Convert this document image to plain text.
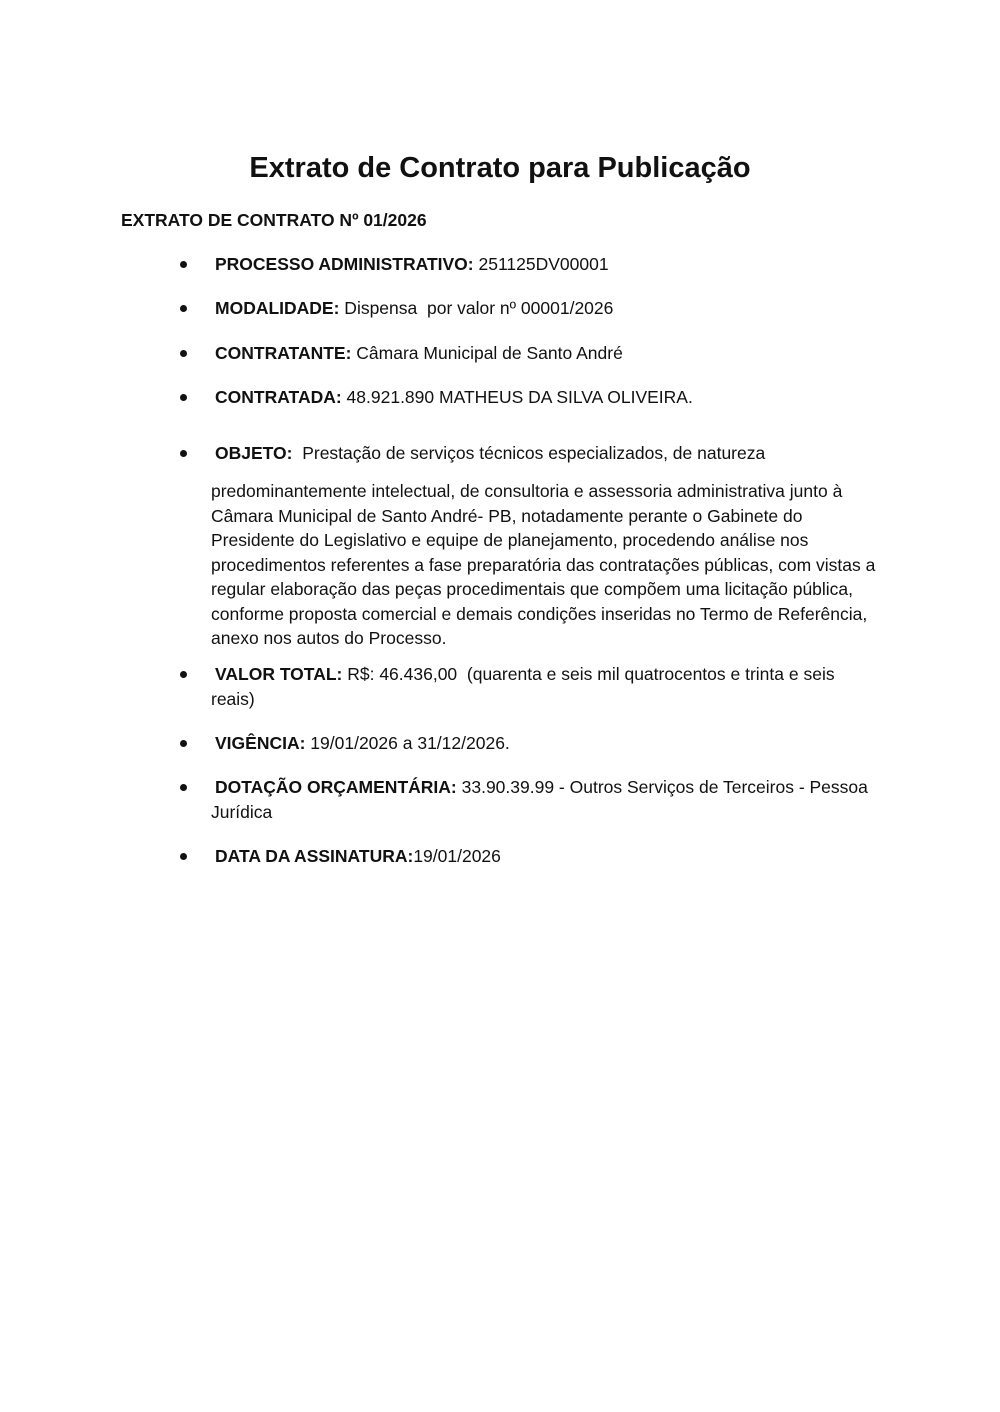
Extrato de Contrato para Publicação

EXTRATO DE CONTRATO Nº 01/2026

PROCESSO ADMINISTRATIVO: 251125DV00001
MODALIDADE: Dispensa  por valor nº 00001/2026
CONTRATANTE: Câmara Municipal de Santo André
CONTRATADA: 48.921.890 MATHEUS DA SILVA OLIVEIRA.
OBJETO:  Prestação de serviços técnicos especializados, de natureza
predominantemente intelectual, de consultoria e assessoria administrativa junto à Câmara Municipal de Santo André- PB, notadamente perante o Gabinete do Presidente do Legislativo e equipe de planejamento, procedendo análise nos procedimentos referentes a fase preparatória das contratações públicas, com vistas a regular elaboração das peças procedimentais que compõem uma licitação pública, conforme proposta comercial e demais condições inseridas no Termo de Referência, anexo nos autos do Processo.
VALOR TOTAL: R$: 46.436,00  (quarenta e seis mil quatrocentos e trinta e seis reais)
VIGÊNCIA: 19/01/2026 a 31/12/2026.
DOTAÇÃO ORÇAMENTÁRIA: 33.90.39.99 - Outros Serviços de Terceiros - Pessoa Jurídica
DATA DA ASSINATURA:19/01/2026
